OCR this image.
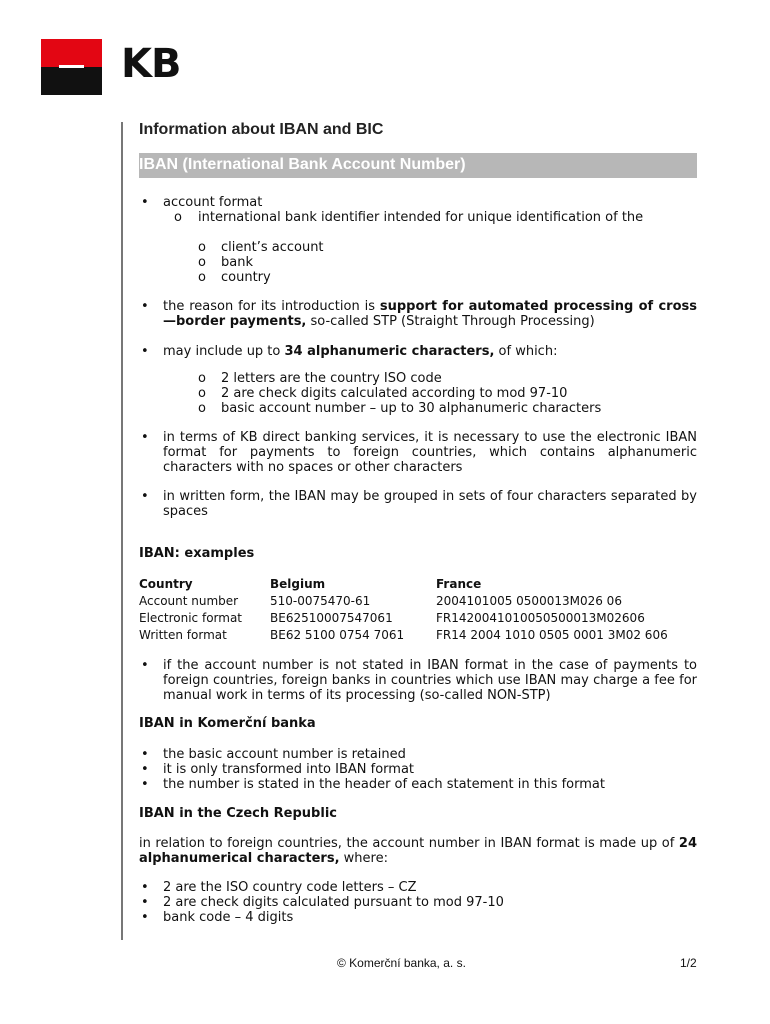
KB
Information about IBAN and BIC
IBAN (International Bank Account Number)
• account format
o international bank identifier intended for unique identification of the
o client’s account
o bank
o country
• the reason for its introduction is support for automated processing of cross—border payments, so-called STP (Straight Through Processing)
• may include up to 34 alphanumeric characters, of which:
o 2 letters are the country ISO code
o 2 are check digits calculated according to mod 97-10
o basic account number – up to 30 alphanumeric characters
• in terms of KB direct banking services, it is necessary to use the electronic IBAN format for payments to foreign countries, which contains alphanumeric characters with no spaces or other characters
• in written form, the IBAN may be grouped in sets of four characters separated by spaces
IBAN: examples
Country	Belgium	France
Account number	510-0075470-61	2004101005 0500013M026 06
Electronic format BE62510007547061	FR1420041010050500013M02606
Written format	BE62 5100 0754 7061	FR14 2004 1010 0505 0001 3M02 606
• if the account number is not stated in IBAN format in the case of payments to foreign countries, foreign banks in countries which use IBAN may charge a fee for manual work in terms of its processing (so-called NON-STP)
IBAN in Komerční banka
• the basic account number is retained
• it is only transformed into IBAN format
• the number is stated in the header of each statement in this format
IBAN in the Czech Republic
in relation to foreign countries, the account number in IBAN format is made up of 24 alphanumerical characters, where:
• 2 are the ISO country code letters – CZ
• 2 are check digits calculated pursuant to mod 97-10
• bank code – 4 digits
© Komerční banka, a. s.	1/2
